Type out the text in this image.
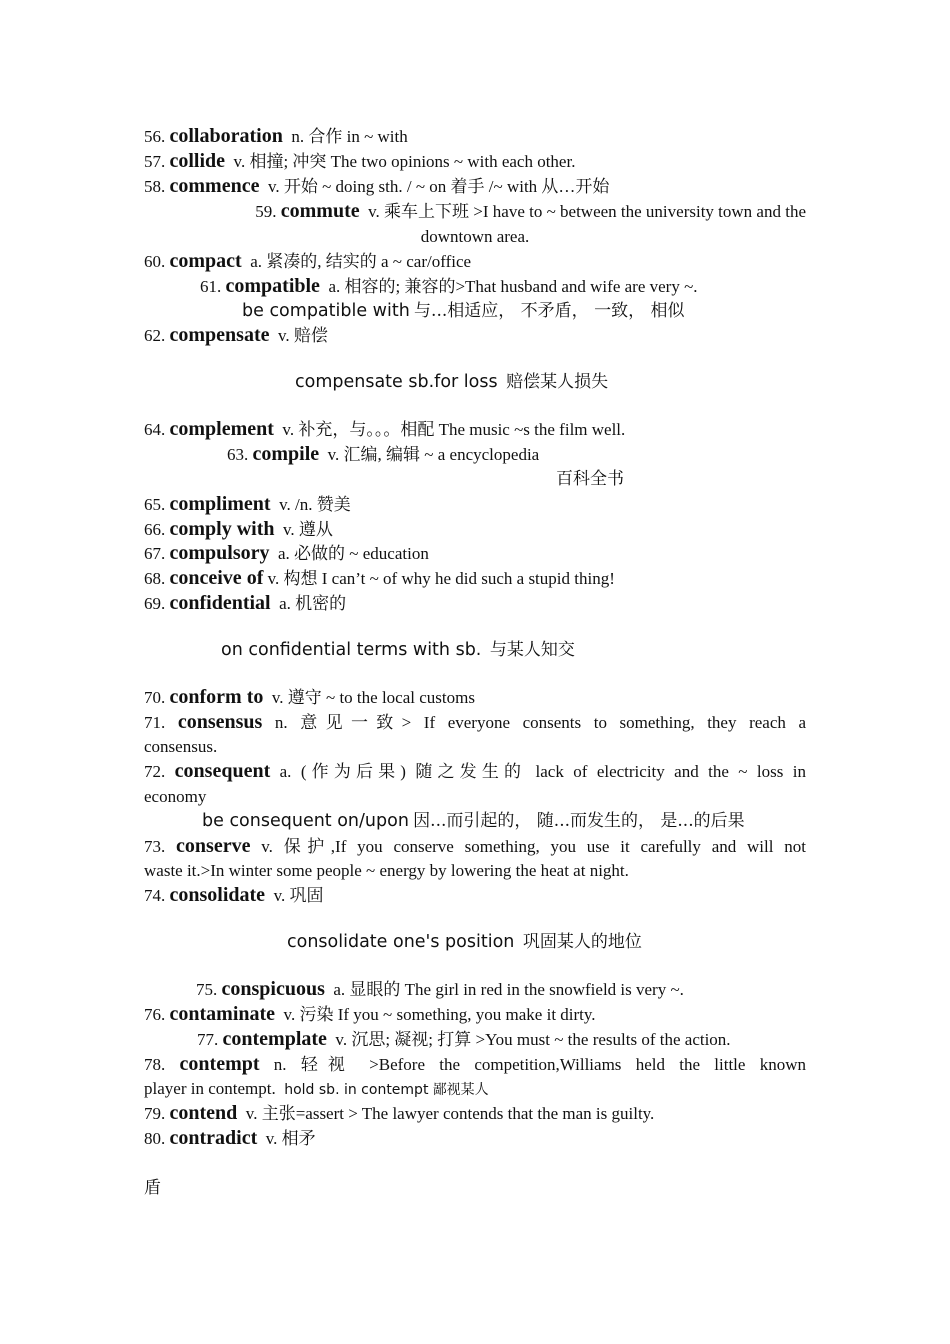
56. collaboration n. 合作 in ~ with

57. collide v. 相撞; 冲突 The two opinions ~ with each other.

58. commence v. 开始 ~ doing sth. / ~ on 着手 /~ with 从…开始

59. commute v. 乘车上下班 >I have to ~ between the university town and the

downtown area.

60. compact a. 紧凑的, 结实的 a ~ car/office

61. compatible a. 相容的; 兼容的>That husband and wife are very ~.

be compatible with 与...相适应， 不矛盾， 一致， 相似

62. compensate v. 赔偿

compensate sb.for loss 赔偿某人损失

64. complement v. 补充，与。。。相配 The music ~s the film well.

63. compile v. 汇编, 编辑 ~ a encyclopedia

百科全书

65. compliment v. /n. 赞美

66. comply with v. 遵从

67. compulsory a. 必做的 ~ education

68. conceive of v. 构想 I can’t ~ of why he did such a stupid thing!

69. confidential a. 机密的

on confidential terms with sb. 与某人知交

70. conform to v. 遵守 ~ to the local customs

71. consensus n. 意见一致> If everyone consents to something, they reach a

consensus.

72. consequent a. (作为后果) 随之发生的 lack of electricity and the ~ loss in

economy

be consequent on/upon 因...而引起的， 随...而发生的， 是...的后果

73. conserve v. 保护,If you conserve something, you use it carefully and will not

waste it.>In winter some people ~ energy by lowering the heat at night.

74. consolidate v. 巩固

consolidate one's position 巩固某人的地位

75. conspicuous a. 显眼的 The girl in red in the snowfield is very ~.

76. contaminate v. 污染 If you ~ something, you make it dirty.

77. contemplate v. 沉思; 凝视; 打算 >You must ~ the results of the action.

78. contempt n. 轻视 >Before the competition,Williams held the little known

player in contempt. hold sb. in contempt 鄙视某人

79. contend v. 主张=assert > The lawyer contends that the man is guilty.

80. contradict v. 相矛

盾
